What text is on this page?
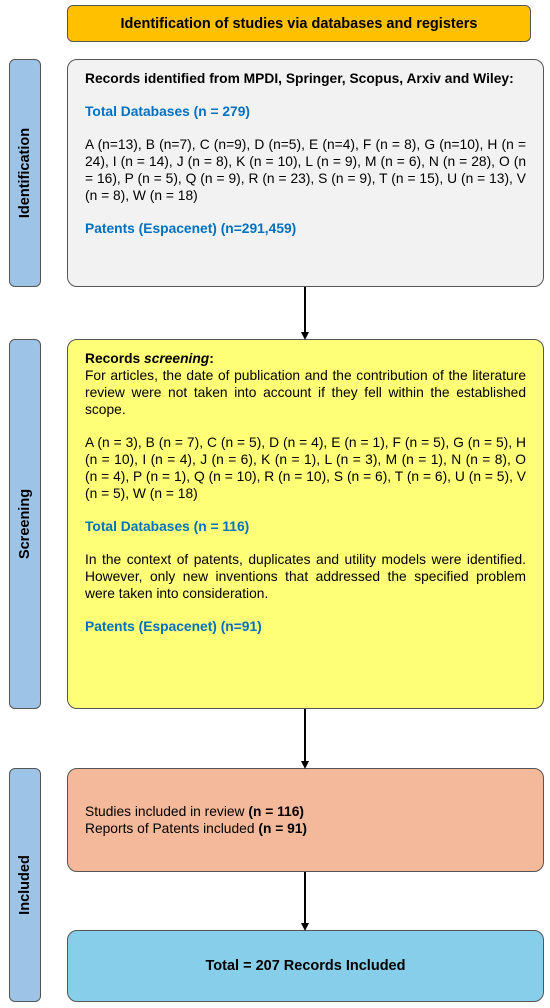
Identification of studies via databases and registers
Identification
Screening
Included

Records identified from MPDI, Springer, Scopus, Arxiv and Wiley:

Total Databases (n = 279)

A (n=13), B (n=7), C (n=9), D (n=5), E (n=4), F (n = 8), G (n=10), H (n = 24), I (n = 14), J (n = 8), K (n = 10), L (n = 9), M (n = 6), N (n = 28), O (n = 16), P (n = 5), Q (n = 9), R (n = 23), S (n = 9), T (n = 15), U (n = 13), V (n = 8), W (n = 18)

Patents (Espacenet) (n=291,459)

Records screening:

For articles, the date of publication and the contribution of the literature review were not taken into account if they fell within the established scope.

A (n = 3), B (n = 7), C (n = 5), D (n = 4), E (n = 1), F (n = 5), G (n = 5), H (n = 10), I (n = 4), J (n = 6), K (n = 1), L (n = 3), M (n = 1), N (n = 8), O (n = 4), P (n = 1), Q (n = 10), R (n = 10), S (n = 6), T (n = 6), U (n = 5), V (n = 5), W (n = 18)

Total Databases (n = 116)

In the context of patents, duplicates and utility models were identified. However, only new inventions that addressed the specified problem were taken into consideration.

Patents (Espacenet) (n=91)

Studies included in review (n = 116)

Reports of Patents included (n = 91)

Total = 207 Records Included
